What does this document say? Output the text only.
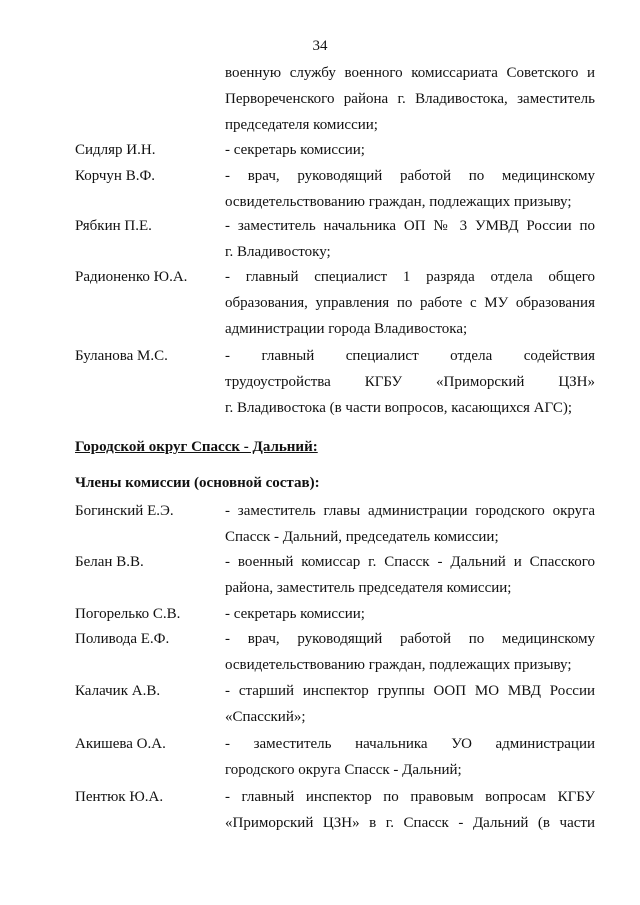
34
военную службу военного комиссариата Советского и
Первореченского района г. Владивостока, заместитель
председателя комиссии;
Сидляр И.Н.	- секретарь комиссии;
Корчун В.Ф.	- врач, руководящий работой по медицинскому
освидетельствованию граждан, подлежащих призыву;
Рябкин П.Е.	- заместитель начальника ОП № 3 УМВД России по
г. Владивостоку;
Радионенко Ю.А.	- главный специалист 1 разряда отдела общего
образования, управления по работе с МУ образования
администрации города Владивостока;
Буланова М.С.	- главный специалист отдела содействия
трудоустройства КГБУ «Приморский ЦЗН»
г. Владивостока (в части вопросов, касающихся АГС);
Городской округ Спасск - Дальний:
Члены комиссии (основной состав):
Богинский Е.Э.	- заместитель главы администрации городского округа
Спасск - Дальний, председатель комиссии;
Белан В.В.	- военный комиссар г. Спасск - Дальний и Спасского
района, заместитель председателя комиссии;
Погорелько С.В.	- секретарь комиссии;
Поливода Е.Ф.	- врач, руководящий работой по медицинскому
освидетельствованию граждан, подлежащих призыву;
Калачик А.В.	- старший инспектор группы ООП МО МВД России
«Спасский»;
Акишева О.А.	- заместитель начальника УО администрации
городского округа Спасск - Дальний;
Пентюк Ю.А.	- главный инспектор по правовым вопросам КГБУ
«Приморский ЦЗН» в г. Спасск - Дальний (в части
